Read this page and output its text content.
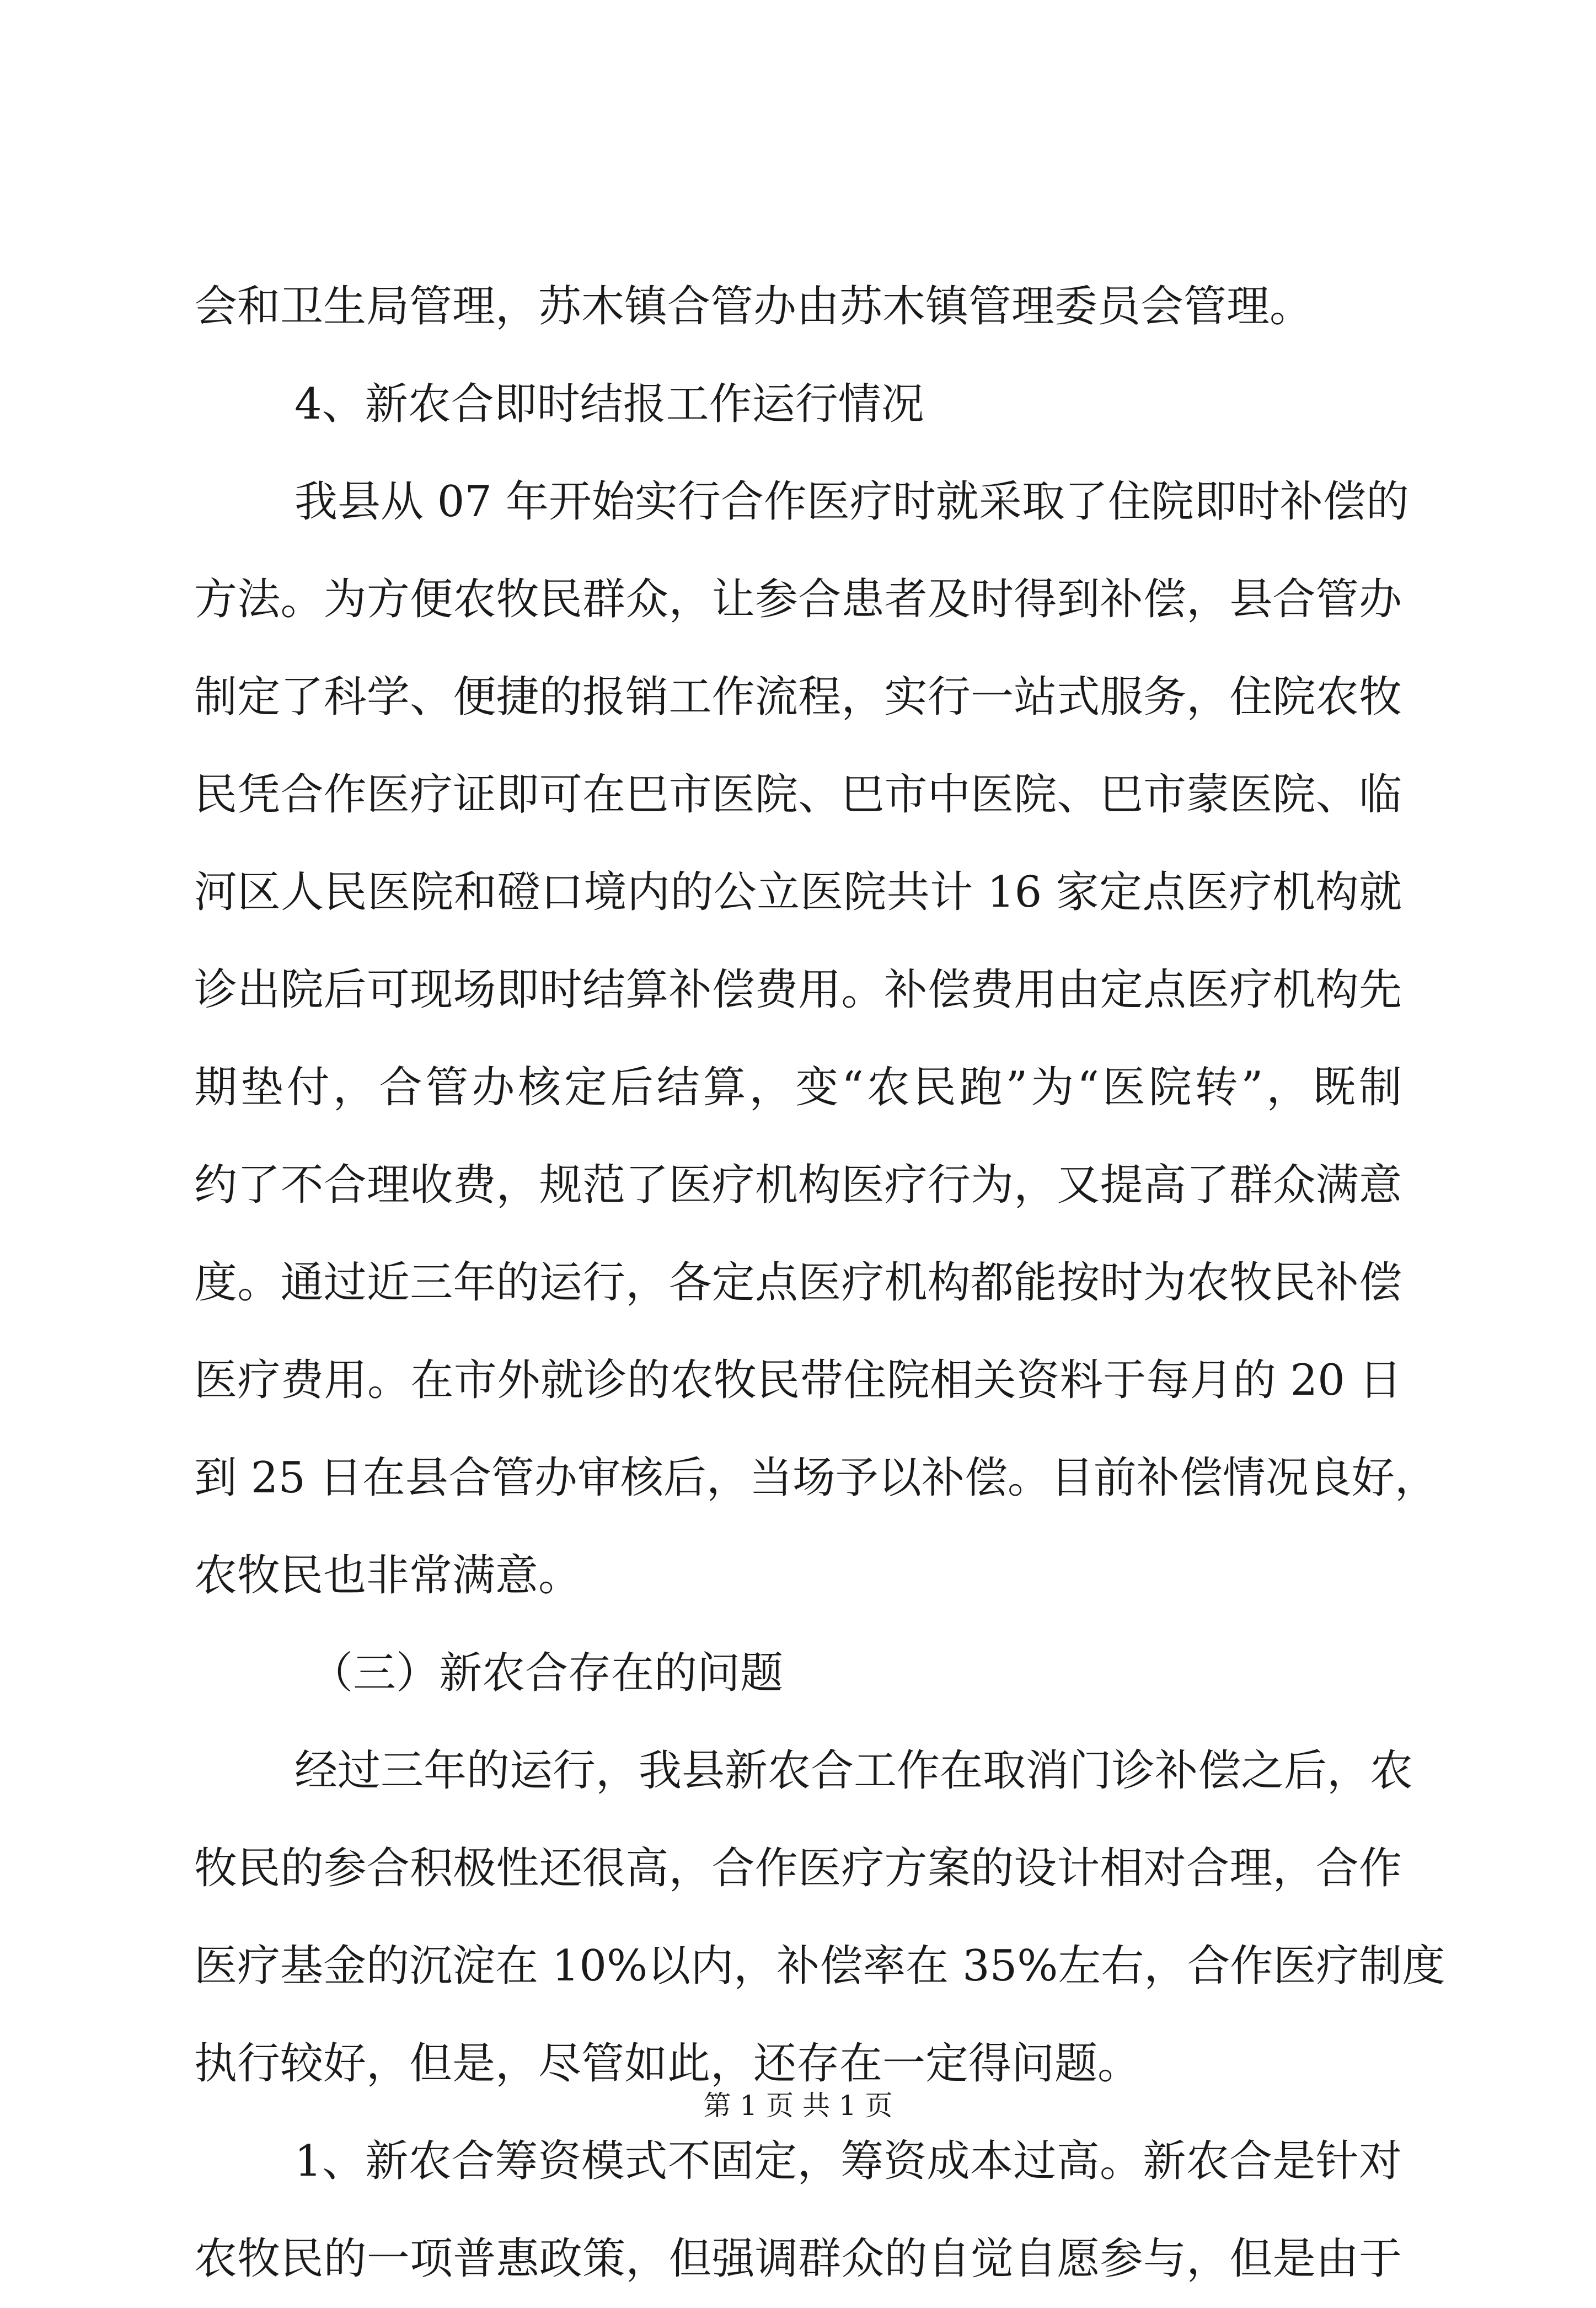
会和卫生局管理，苏木镇合管办由苏木镇管理委员会管理。
4、新农合即时结报工作运行情况
我县从 07 年开始实行合作医疗时就采取了住院即时补偿的
方法。为方便农牧民群众，让参合患者及时得到补偿，县合管办
制定了科学、便捷的报销工作流程，实行一站式服务，住院农牧
民凭合作医疗证即可在巴市医院、巴市中医院、巴市蒙医院、临
河区人民医院和磴口境内的公立医院共计 16 家定点医疗机构就
诊出院后可现场即时结算补偿费用。补偿费用由定点医疗机构先
期垫付，合管办核定后结算，变“农民跑”为“医院转”，既制
约了不合理收费，规范了医疗机构医疗行为，又提高了群众满意
度。通过近三年的运行，各定点医疗机构都能按时为农牧民补偿
医疗费用。在市外就诊的农牧民带住院相关资料于每月的 20 日
到 25 日在县合管办审核后，当场予以补偿。目前补偿情况良好，
农牧民也非常满意。
（三）新农合存在的问题
经过三年的运行，我县新农合工作在取消门诊补偿之后，农
牧民的参合积极性还很高，合作医疗方案的设计相对合理，合作
医疗基金的沉淀在 10%以内，补偿率在 35%左右，合作医疗制度
执行较好，但是，尽管如此，还存在一定得问题。
1、新农合筹资模式不固定，筹资成本过高。新农合是针对
农牧民的一项普惠政策，但强调群众的自觉自愿参与，但是由于
第 1 页 共 1 页
